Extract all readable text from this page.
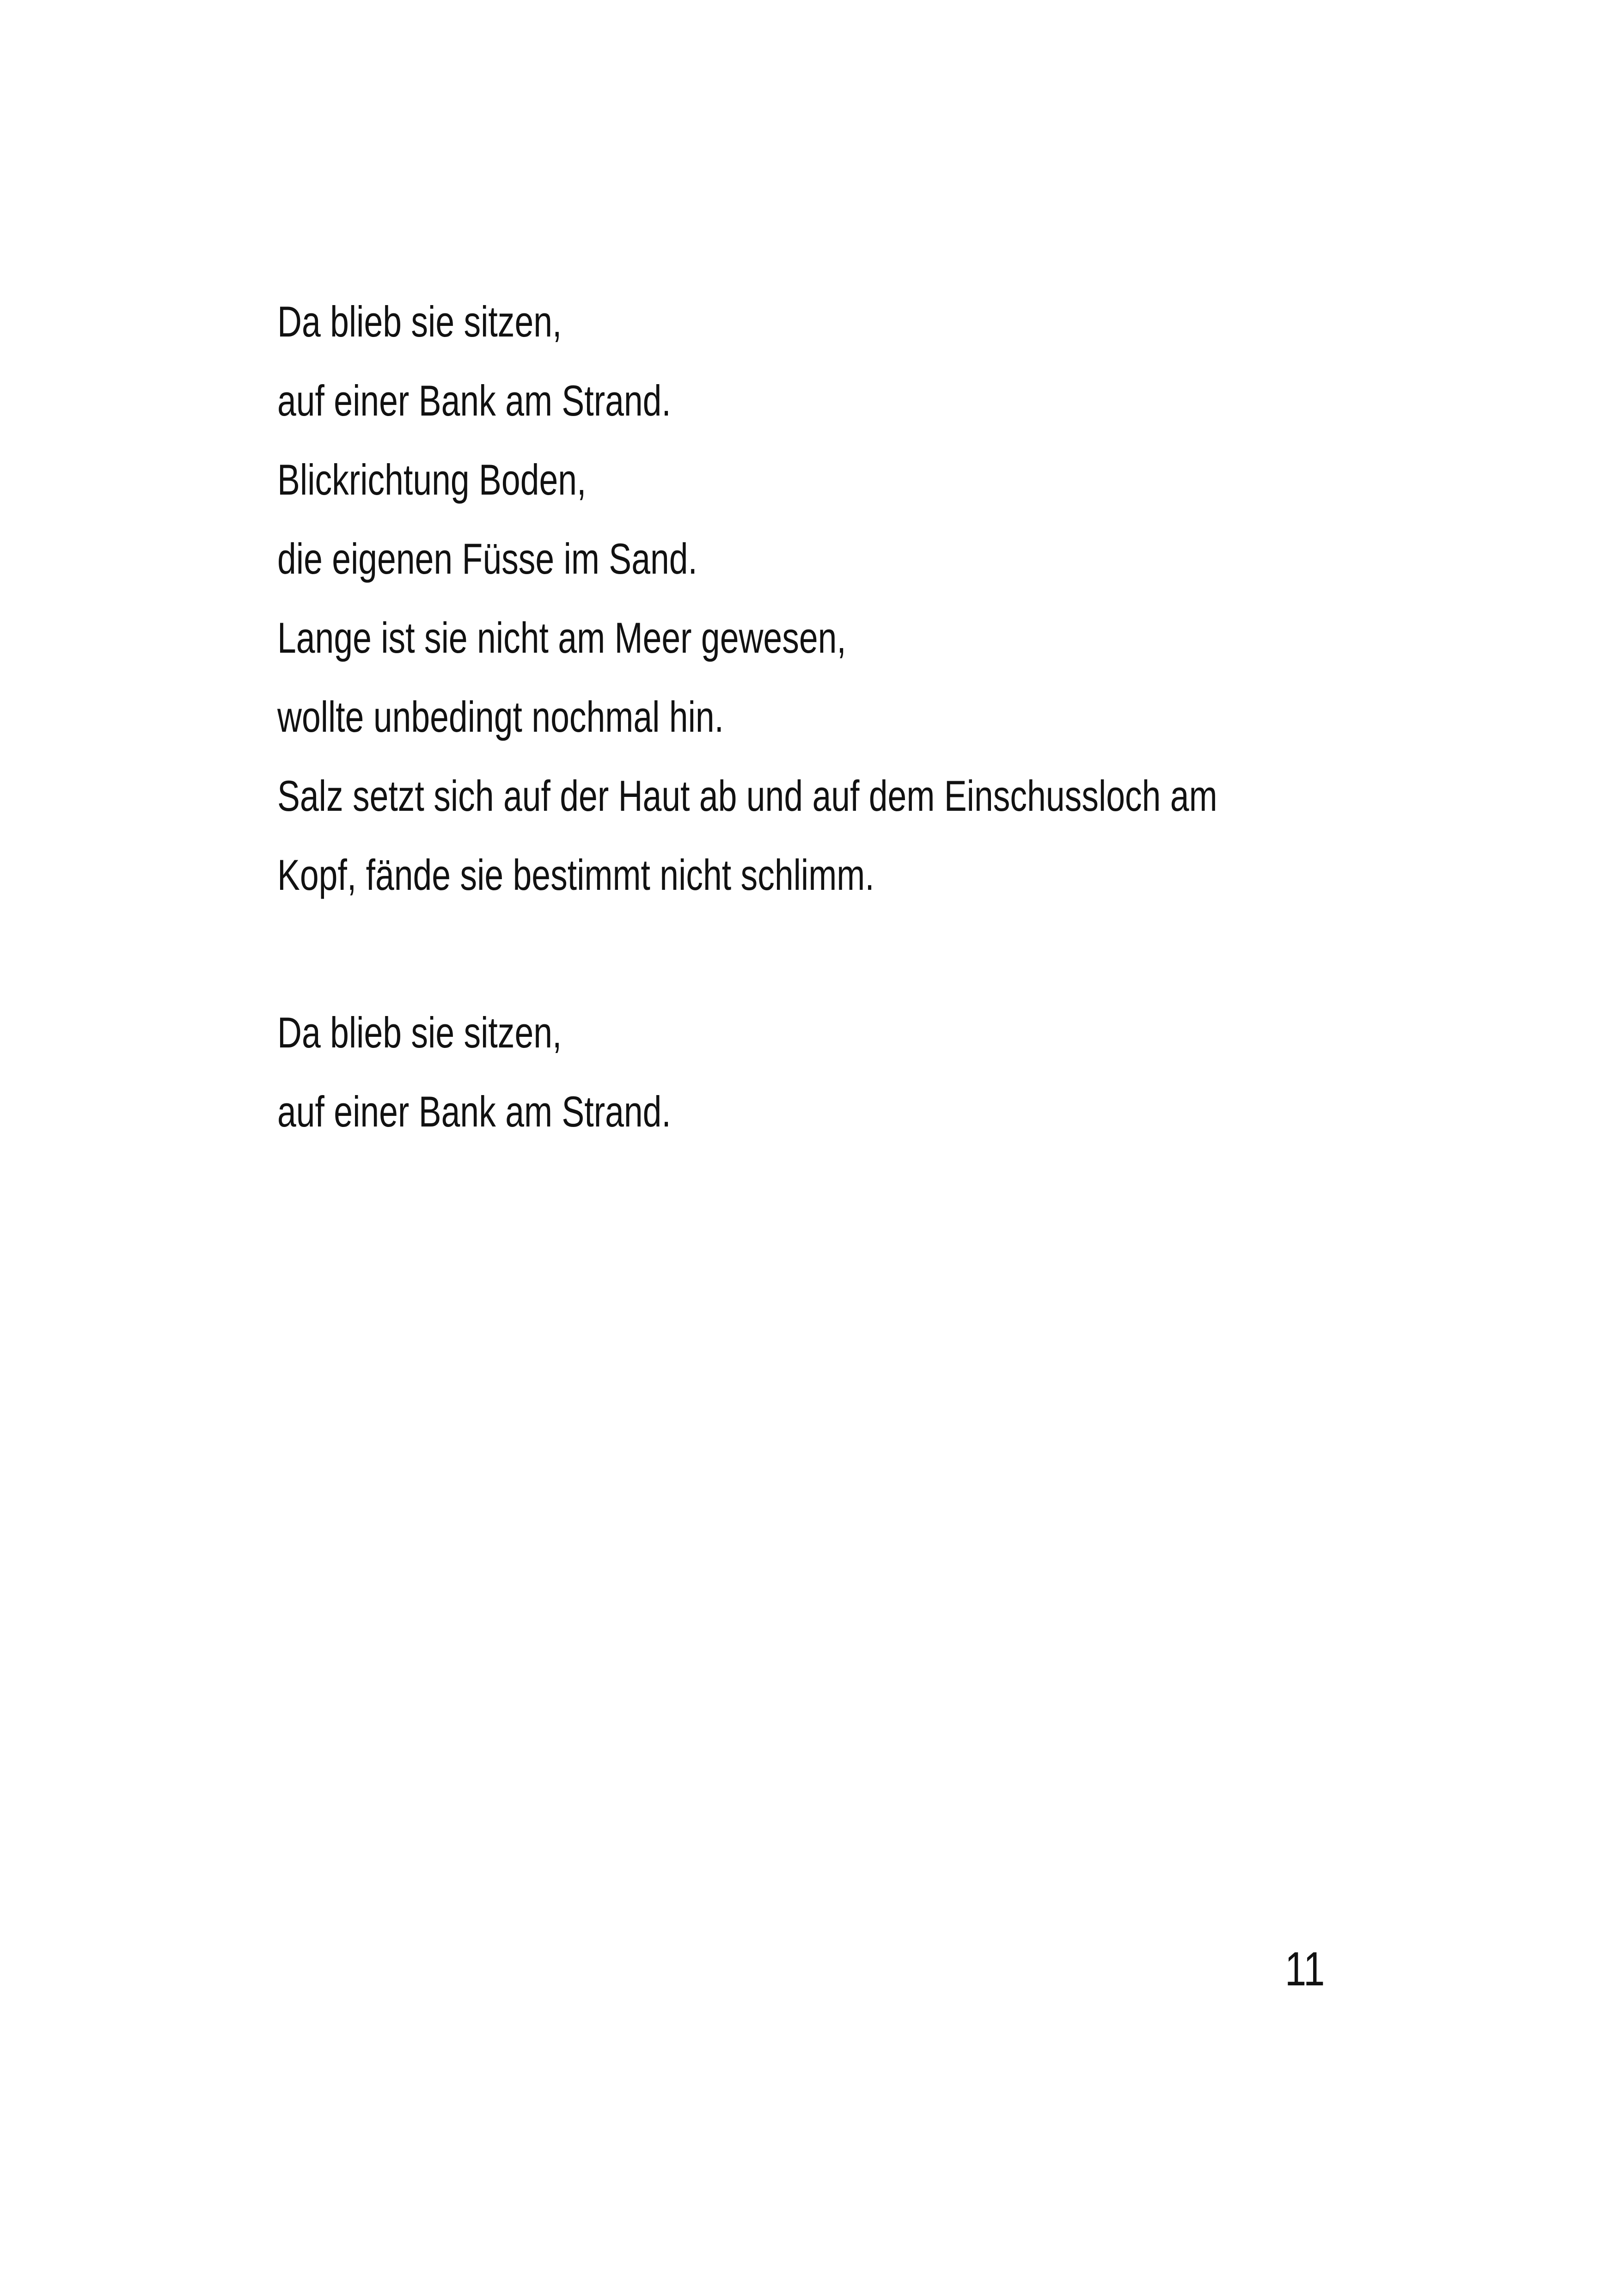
Da blieb sie sitzen,
auf einer Bank am Strand.
Blickrichtung Boden,
die eigenen Füsse im Sand.
Lange ist sie nicht am Meer gewesen,
wollte unbedingt nochmal hin.
Salz setzt sich auf der Haut ab und auf dem Einschussloch am
Kopf, fände sie bestimmt nicht schlimm.
Da blieb sie sitzen,
auf einer Bank am Strand.
11
